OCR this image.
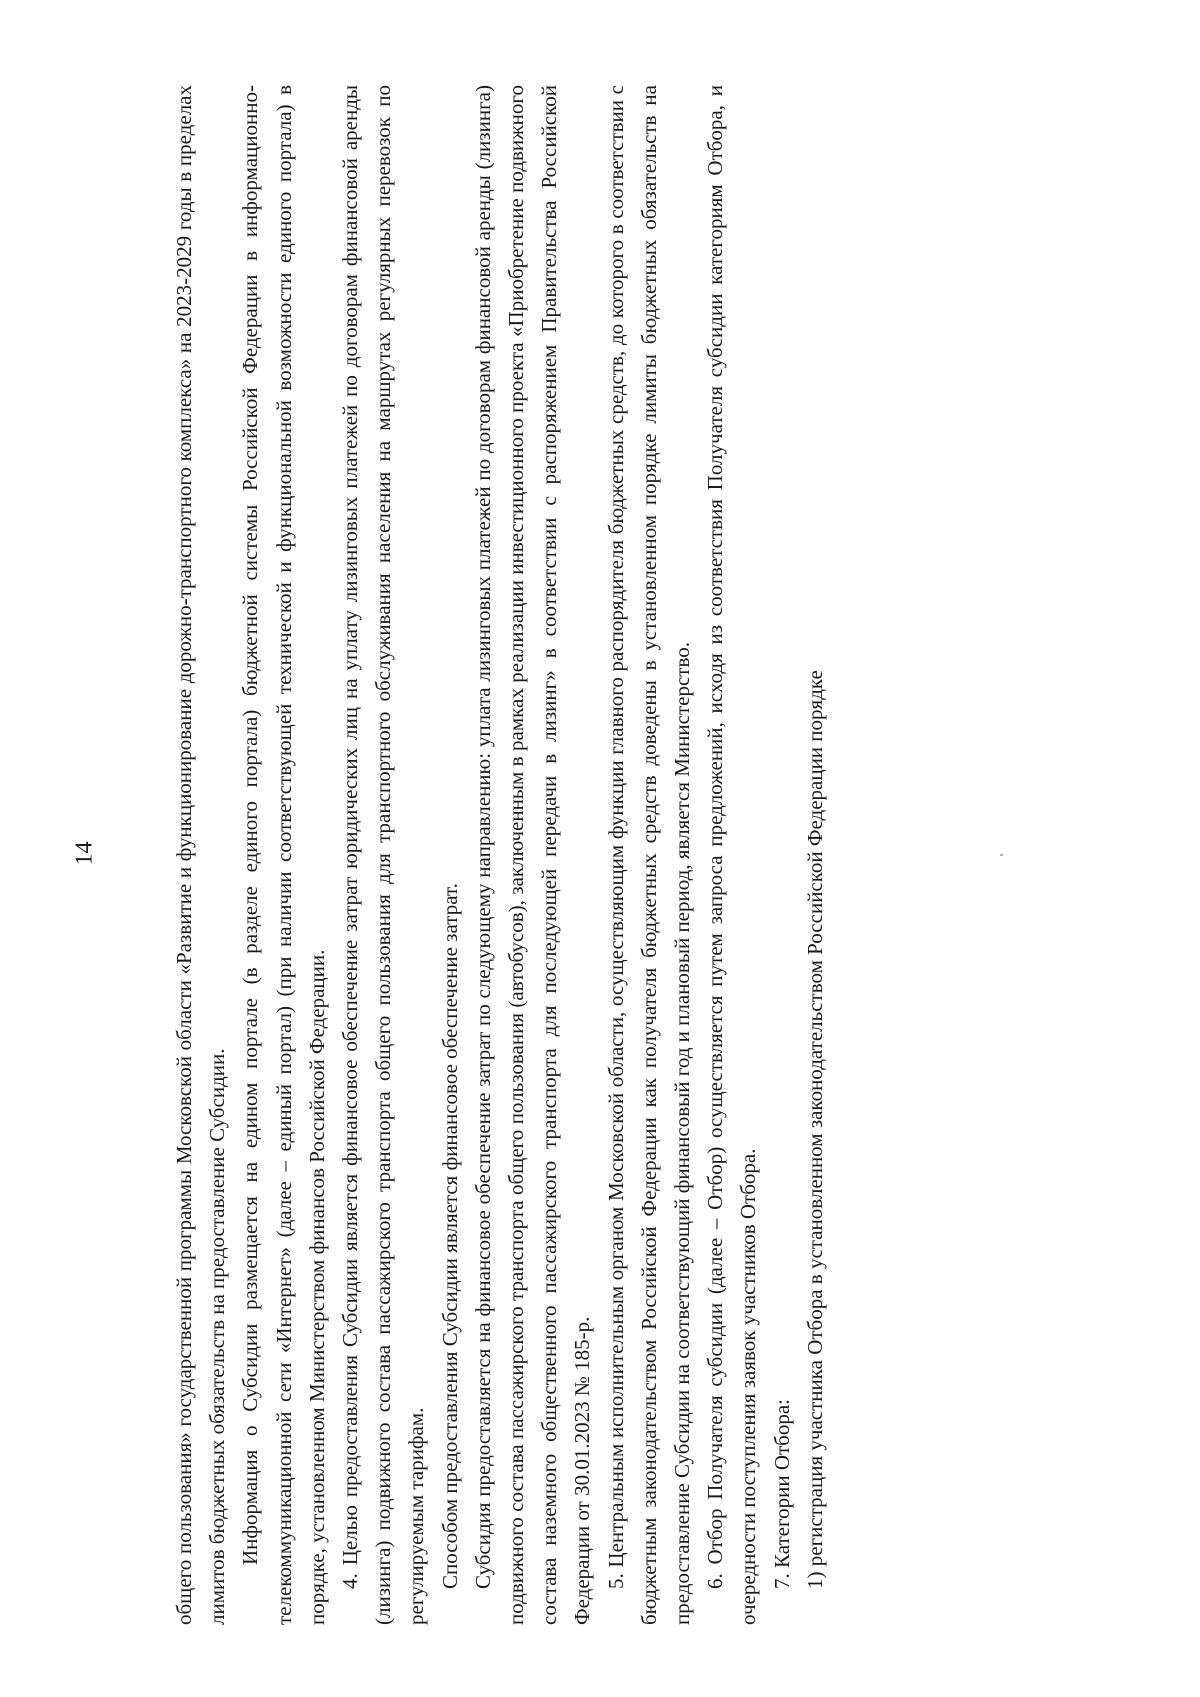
14	общего пользования» государственной программы Московской области «Развитие и функционирование дорожно-транспортного комплекса» на 2023-2029 годы в пределах лимитов бюджетных обязательств на предоставление Субсидии. Информация о Субсидии размещается на едином портале (в разделе единого портала) бюджетной системы Российской Федерации в информационно-телекоммуникационной сети «Интернет» (далее – единый портал) (при наличии соответствующей технической и функциональной возможности единого портала) в порядке, установленном Министерством финансов Российской Федерации. 4. Целью предоставления Субсидии является финансовое обеспечение затрат юридических лиц на уплату лизинговых платежей по договорам финансовой аренды (лизинга) подвижного состава пассажирского транспорта общего пользования для транспортного обслуживания населения на маршрутах регулярных перевозок по регулируемым тарифам. Способом предоставления Субсидии является финансовое обеспечение затрат. Субсидия предоставляется на финансовое обеспечение затрат по следующему направлению: уплата лизинговых платежей по договорам финансовой аренды (лизинга) подвижного состава пассажирского транспорта общего пользования (автобусов), заключенным в рамках реализации инвестиционного проекта «Приобретение подвижного состава наземного общественного пассажирского транспорта для последующей передачи в лизинг» в соответствии с распоряжением Правительства Российской Федерации от 30.01.2023 № 185-р. 5. Центральным исполнительным органом Московской области, осуществляющим функции главного распорядителя бюджетных средств, до которого в соответствии с бюджетным законодательством Российской Федерации как получателя бюджетных средств доведены в установленном порядке лимиты бюджетных обязательств на предоставление Субсидии на соответствующий финансовый год и плановый период, является Министерство. 6. Отбор Получателя субсидии (далее – Отбор) осуществляется путем запроса предложений, исходя из соответствия Получателя субсидии категориям Отбора, и очередности поступления заявок участников Отбора. 7. Категории Отбора: 1) регистрация участника Отбора в установленном законодательством Российской Федерации порядке
